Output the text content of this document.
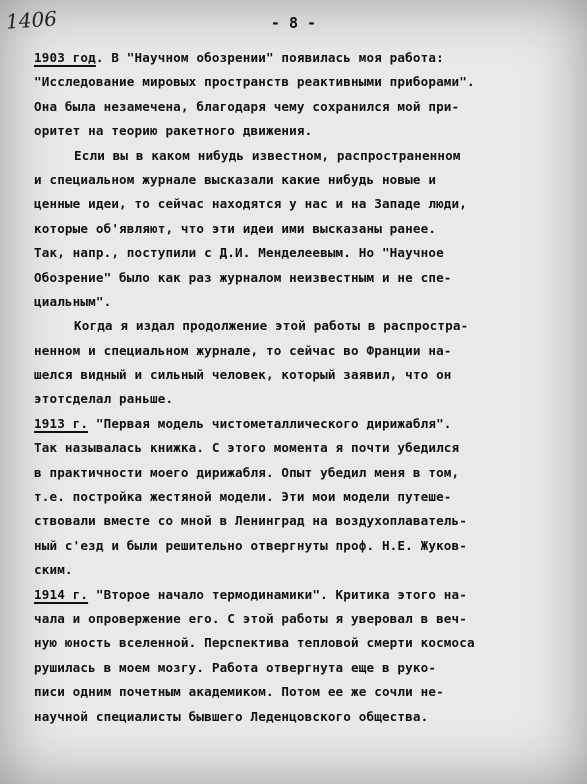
1406	- 8 -
1903 год. В "Научном обозрении" появилась моя работа:
"Исследование мировых пространств реактивными приборами".
Она была незамечена, благодаря чему сохранился мой при-
оритет на теорию ракетного движения.
Если вы в каком нибудь известном, распространенном
и специальном журнале высказали какие нибудь новые и
ценные идеи, то сейчас находятся у нас и на Западе люди,
которые об'являют, что эти идеи ими высказаны ранее.
Так, напр., поступили с Д.И. Менделеевым. Но "Научное
Обозрение" было как раз журналом неизвестным и не спе-
циальным".
Когда я издал продолжение этой работы в распростра-
ненном и специальном журнале, то сейчас во Франции на-
шелся видный и сильный человек, который заявил, что он
этотсделал раньше.
1913 г. "Первая модель чистометаллического дирижабля".
Так называлась книжка. С этого момента я почти убедился
в практичности моего дирижабля. Опыт убедил меня в том,
т.е. постройка жестяной модели. Эти мои модели путеше-
ствовали вместе со мной в Ленинград на воздухоплаватель-
ный с'езд и были решительно отвергнуты проф. Н.Е. Жуков-
ским.
1914 г. "Второе начало термодинамики". Критика этого на-
чала и опровержение его. С этой работы я уверовал в веч-
ную юность вселенной. Перспектива тепловой смерти космоса
рушилась в моем мозгу. Работа отвергнута еще в руко-
писи одним почетным академиком. Потом ее же сочли не-
научной специалисты бывшего Леденцовского общества.
